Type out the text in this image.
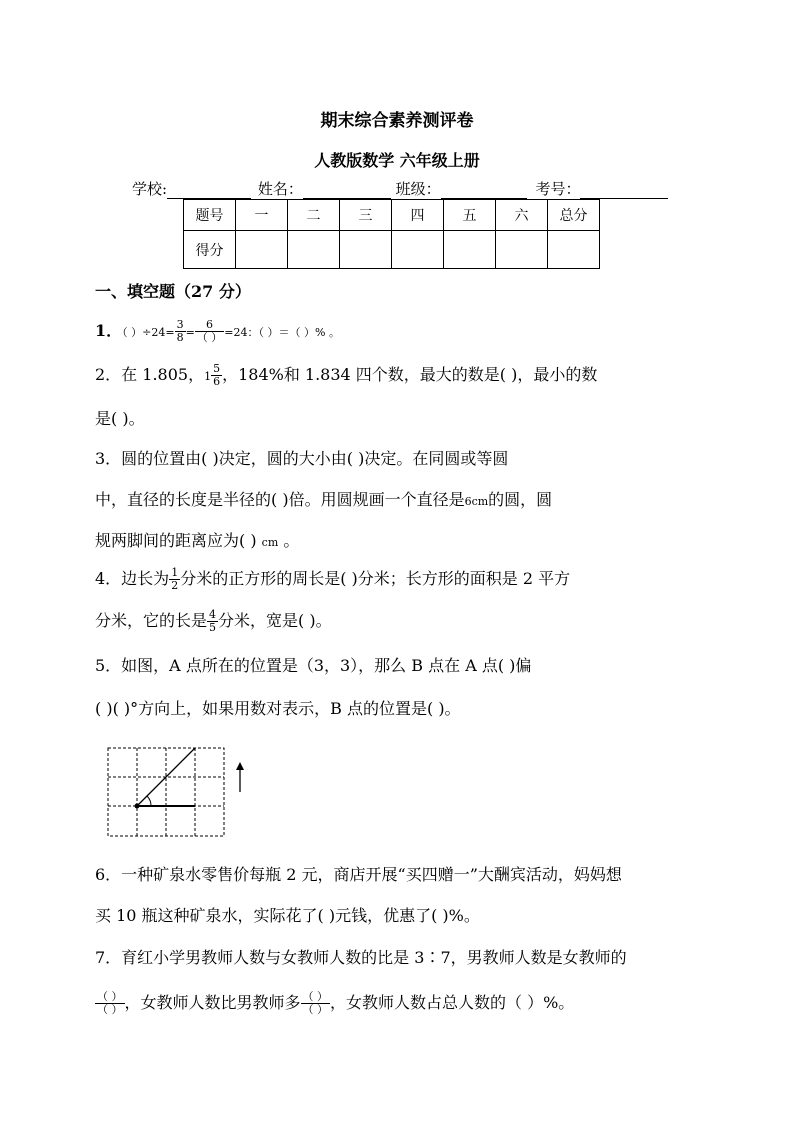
期末综合素养测评卷
人教版数学 六年级上册
学校:	姓名：	班级：	考号：
题号	一	二	三	四	五	六	总分
得分							
一、填空题（27 分）
1．（ ）$\div 24= \frac{3}{8} = \frac{6}{( )} =24$：（ ）＝（ ）% 。
2．在 1.805，$1 \frac{5}{6}$ ，184%和 1.834 四个数，最大的数是( )，最小的数
是( )。
3．圆的位置由( )决定，圆的大小由( )决定。在同圆或等圆
中，直径的长度是半径的( )倍。用圆规画一个直径是6cm的圆，圆
规两脚间的距离应为( ) cm 。
4．边长为 $\frac{1}{2}$ 分米的正方形的周长是( )分米；长方形的面积是 2 平方
分米，它的长是 $\frac{4}{5}$ 分米，宽是( )。
5．如图，A 点所在的位置是（3，3），那么 B 点在 A 点( )偏
( )( )°方向上，如果用数对表示，B 点的位置是( )。
6．一种矿泉水零售价每瓶 2 元，商店开展“买四赠一”大酬宾活动，妈妈想
买 10 瓶这种矿泉水，实际花了( )元钱，优惠了( )%。
7．育红小学男教师人数与女教师人数的比是 3∶7，男教师人数是女教师的
$\frac{( )}{( )}$ ，女教师人数比男教师多 $\frac{( )}{( )}$ ，女教师人数占总人数的（ ）%。
